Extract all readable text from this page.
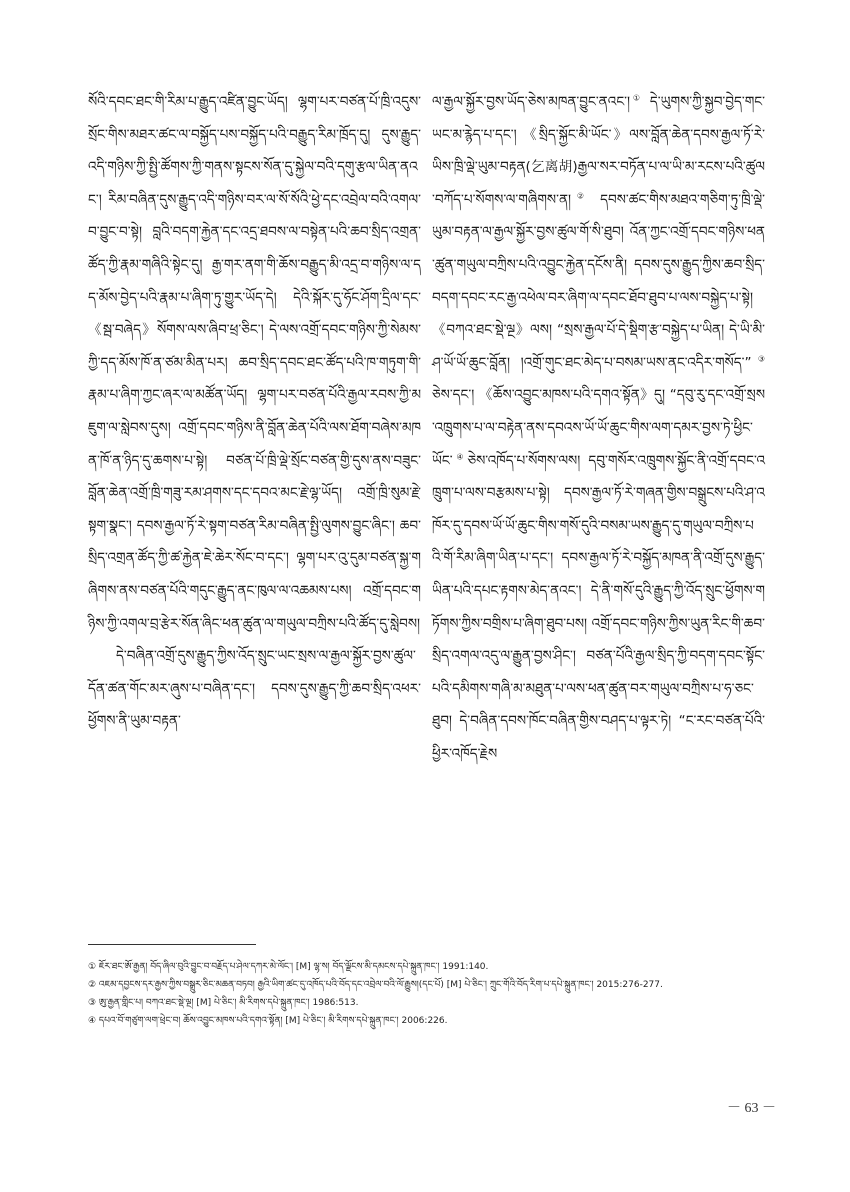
སོའི་དབང་ཐང་གི་རིམ་པ་རྒྱུད་འཛིན་བྱུང་ཡོད། ལྷག་པར་བཙན་པོ་ཁྲི་འདུས་སྲོང་གིས་མཐར་ཚང་ལ་བསྐྱོད་པས་བསྐྱོད་པའི་བརྒྱུད་རིམ་ཁྲོད་དུ། དུས་རྒྱུད་འདི་གཉིས་ཀྱི་སྤྱི་ཚོགས་ཀྱི་གནས་སྟངས་སོན་དུ་སྐྱེལ་བའི་དགུ་རྩལ་ཡིན་ནའང་། རིམ་བཞིན་དུས་རྒྱུད་འདི་གཉིས་བར་ལ་སོ་སོའི་ཕྱེ་དང་འབྲེལ་བའི་འགལ་བ་བྱུང་བ་སྟེ། བླའི་བདག་རྐྱེན་དང་འདྲ་ཐབས་ལ་བསྟེན་པའི་ཆབ་སྲིད་འགྲན་ཚོད་ཀྱི་རྣམ་གཞིའི་སྟེང་དུ། རྒྱ་གར་ནག་གི་ཆོས་བརྒྱུད་མི་འདྲ་བ་གཉིས་ལ་དད་མོས་བྱེད་པའི་རྣམ་པ་ཞིག་ཏུ་གྱུར་ཡོད་དེ། དེའི་སྐོར་དུ་ཧོང་ཤོག་དྲིལ་དང་《སྦ་བཞེད》སོགས་ལས་ཞིབ་ཕྲ་ཅིང་། དེ་ལས་འགྲོ་དབང་གཉིས་ཀྱི་སེམས་ཀྱི་དད་མོས་ཁོ་ན་ཙམ་མིན་པར། ཆབ་སྲིད་དབང་ཐང་ཚོད་པའི་ཁ་གཏུག་གི་རྣམ་པ་ཞིག་ཀྱང་ཞར་ལ་མཚོན་ཡོད། ལྷག་པར་བཙན་པོའི་རྒྱལ་རབས་ཀྱི་མཇུག་ལ་སླེབས་དུས། འགྲོ་དབང་གཉིས་ནི་བློན་ཆེན་པོའི་ལས་ཐོག་བཞེས་མཁན་ཁོ་ན་ཉིད་དུ་ཆགས་པ་སྟེ། བཙན་པོ་ཁྲི་ལྡེ་སྲོང་བཙན་གྱི་དུས་ནས་བཟུང་བློན་ཆེན་འགྲོ་ཁྲི་གཟུ་རམ་ཤགས་དང་དབའ་མང་རྗེ་ལྷ་ཡོད། འགྲོ་ཁྲི་སུམ་རྗེ་སྟག་སྣང་། དབས་རྒྱལ་ཏོ་རེ་སྟག་བཙན་རིམ་བཞིན་སྤྱི་ལུགས་བྱུང་ཞིང་། ཆབ་སྲིད་འགྲན་ཚོད་ཀྱི་ཚ་རྐྱེན་ཇེ་ཆེར་སོང་བ་དང་། ལྷག་པར་འུ་དུམ་བཙན་སྐྱ་གཞིགས་ནས་བཙན་པོའི་གདུང་རྒྱུད་ནང་ཁུལ་ལ་འཆམས་པས། འགྲོ་དབང་གཉིས་ཀྱི་འགལ་བྲ་རྩེར་སོན་ཞིང་ཕན་ཚུན་ལ་གཡུལ་བཀྲིས་པའི་ཚོད་དུ་སླེབས།

དེ་བཞིན་འགྲོ་དུས་རྒྱུད་ཀྱིས་འོད་སྲུང་ཡང་སྲས་ལ་རྒྱལ་སྐྱོར་བྱས་ཚུལ་དོན་ཚན་གོང་མར་ཞུས་པ་བཞིན་དང་། དབས་དུས་རྒྱུད་ཀྱི་ཆབ་སྲིད་འཕར་ཕྱོགས་ནི་ཡུམ་བརྟན་

ལ་རྒྱལ་སྐྱོར་བྱས་ཡོད་ཅེས་མཁན་བྱུང་ནའང་།① དེ་ཡུགས་ཀྱི་སྐྱབ་བྱེད་གང་ཡང་མ་རྙེད་པ་དང་། 《སྲིད་སྐྱོང་མི་ཡོང་》ལས་བློན་ཆེན་དབས་རྒྱལ་ཏོ་རེ་ཡིས་ཁྲི་ལྡེ་ཡུམ་བརྟན(乞离胡)རྒྱལ་སར་བཏོན་པ་ལ་ཡི་མ་རངས་པའི་ཚུལ་བཀོད་པ་སོགས་ལ་གཞིགས་ན།② དབས་ཚང་གིས་མཐའ་གཅིག་ཏུ་ཁྲི་ལྡེ་ཡུམ་བརྟན་ལ་རྒྱལ་སྐྱོར་བྱས་ཚུལ་གོ་སི་ཐུབ། འོན་ཀྱང་འགྲོ་དབང་གཉིས་ཕན་ཚུན་གཡུལ་བཀྲིས་པའི་འབྱུང་རྐྱེན་དངོས་ནི། དབས་དུས་རྒྱུད་ཀྱིས་ཆབ་སྲིད་བདག་དབང་རང་རྒྱ་འཕེལ་བར་ཞིག་ལ་དབང་ཐོབ་ཐུབ་པ་ལས་བསྐྱེད་པ་སྟེ། 《བཀའ་ཐང་སྡེ་ལྔ》ལས། “སྲས་རྒྱལ་པོ་དེ་སྡིག་རྩ་བསྐྱེད་པ་ཡིན། དེ་ཡི་མི་ཤ་ཡོ་ཡོ་ཆུང་བློན། །འགྲོ་གུང་ཐང་མེད་པ་བསམ་ཡས་ནང་འདིར་གསོད་”③ཅེས་དང་། 《ཆོས་འབྱུང་མཁས་པའི་དགའ་སྟོན》དུ། “དབུ་རུ་དང་འགྲོ་སྲས་འཁྲུགས་པ་ལ་བརྟེན་ནས་དབའས་ཡོ་ཡོ་ཆུང་གིས་ལག་དམར་བྱས་ཏེ་ཕྱིང་ཡོང་④ཅེས་འཁོད་པ་སོགས་ལས། དབུ་གསོར་འཁྲུགས་སྐྱོང་ནི་འགྲོ་དབང་འཁྲུག་པ་ལས་བརྩམས་པ་སྟེ། དབས་རྒྱལ་ཏོ་རེ་གཞན་གྱིས་བསྒྲུངས་པའི་ཤ་འཁོར་དུ་དབས་ཡོ་ཡོ་ཆུང་གིས་གསོ་དུའི་བསམ་ཡས་རྒྱུད་དུ་གཡུལ་བཀྲིས་པའི་གོ་རིམ་ཞིག་ཡིན་པ་དང་། དབས་རྒྱལ་ཏོ་རེ་བསྐྱོད་མཁན་ནི་འགྲོ་དུས་རྒྱུད་ཡིན་པའི་དཔང་རྟགས་མེད་ནའང་། དེ་ནི་གསོ་དུའི་རྒྱུད་ཀྱི་འོད་སྲུང་ཕྱོགས་གཏོགས་ཀྱིས་བགྲིས་པ་ཞིག་ཐུབ་པས། འགྲོ་དབང་གཉིས་ཀྱིས་ཡུན་རིང་གི་ཆབ་སྲིད་འགལ་འདུ་ལ་རྒྱུན་བྱས་ཤིང་། བཙན་པོའི་རྒྱལ་སྲིད་ཀྱི་བདག་དབང་སྟོང་པའི་དམིགས་གཞི་མ་མཐུན་པ་ལས་ཕན་ཚུན་བར་གཡུལ་བཀྲིས་པ་ཧ་ཅང་ཐུབ། དེ་བཞིན་དབས་ཁོང་བཞིན་གྱིས་བཤད་པ་ལྟར་ཏེ། “ང་རང་བཙན་པོའི་ཕྱིར་འཁོད་རྗེས

① ཇོར་ཐང་ཨོ་རྒྱན། བོད་ཞིལ་བུའི་བྱུང་བ་བརྗོད་པ་ཤེལ་དཀར་མེ་ལོང་། [M] ལྷ་ས། བོད་ལྗོངས་མི་དམངས་དཔེ་སྐྲུན་ཁང་། 1991:140.

② འཇམ་དབྱངས་དར་རྒྱས་ཀྱིས་བསྒྲུར་ཅིང་མཆན་བཏབ། རྒྱའི་ཡིག་ཚང་དུ་འཁོད་པའི་བོད་དང་འབྲེལ་བའི་ལོ་རྒྱུས།(དང་པོ) [M] པེ་ཅིང་། ཀྲུང་གོའི་བོད་རིག་པ་དཔེ་སྐྲུན་ཁང་། 2015:276-277.

③ ཨུ་རྒྱན་གླིང་པ། བཀའ་ཐང་སྡེ་ལྔ། [M] པེ་ཅིང་། མི་རིགས་དཔེ་སྐྲུན་ཁང་། 1986:513.

④ དཔའ་བོ་གཙུག་ལག་ཕྲེང་བ། ཆོས་འབྱུང་མཁས་པའི་དགའ་སྟོན། [M] པེ་ཅིང་། མི་རིགས་དཔེ་སྐྲུན་ཁང་། 2006:226.

－ 63 －
